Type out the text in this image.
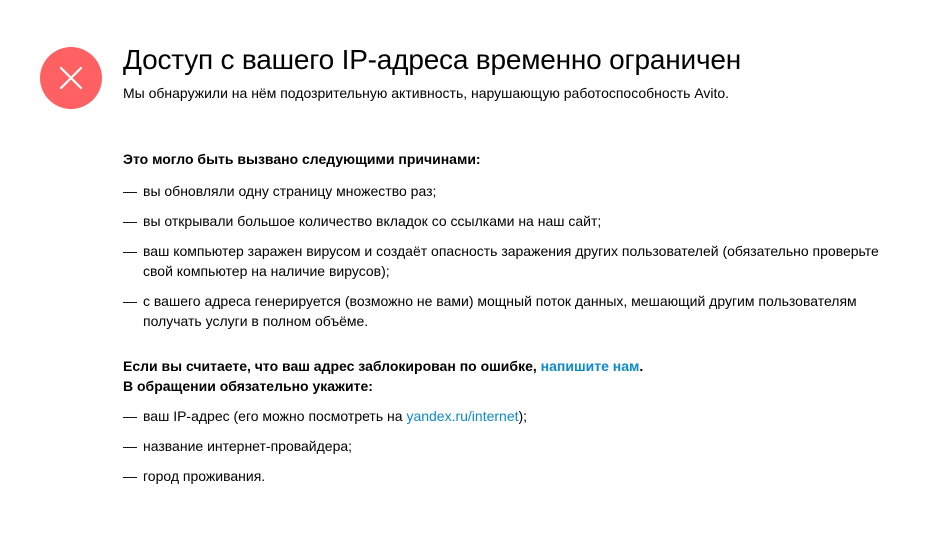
Доступ с вашего IP-адреса временно ограничен

Мы обнаружили на нём подозрительную активность, нарушающую работоспособность Avito.

Это могло быть вызвано следующими причинами:

— вы обновляли одну страницу множество раз;
— вы открывали большое количество вкладок со ссылками на наш сайт;
— ваш компьютер заражен вирусом и создаёт опасность заражения других пользователей (обязательно проверьте свой компьютер на наличие вирусов);
— с вашего адреса генерируется (возможно не вами) мощный поток данных, мешающий другим пользователям получать услуги в полном объёме.

Если вы считаете, что ваш адрес заблокирован по ошибке, напишите нам.
В обращении обязательно укажите:

— ваш IP-адрес (его можно посмотреть на yandex.ru/internet);
— название интернет-провайдера;
— город проживания.
